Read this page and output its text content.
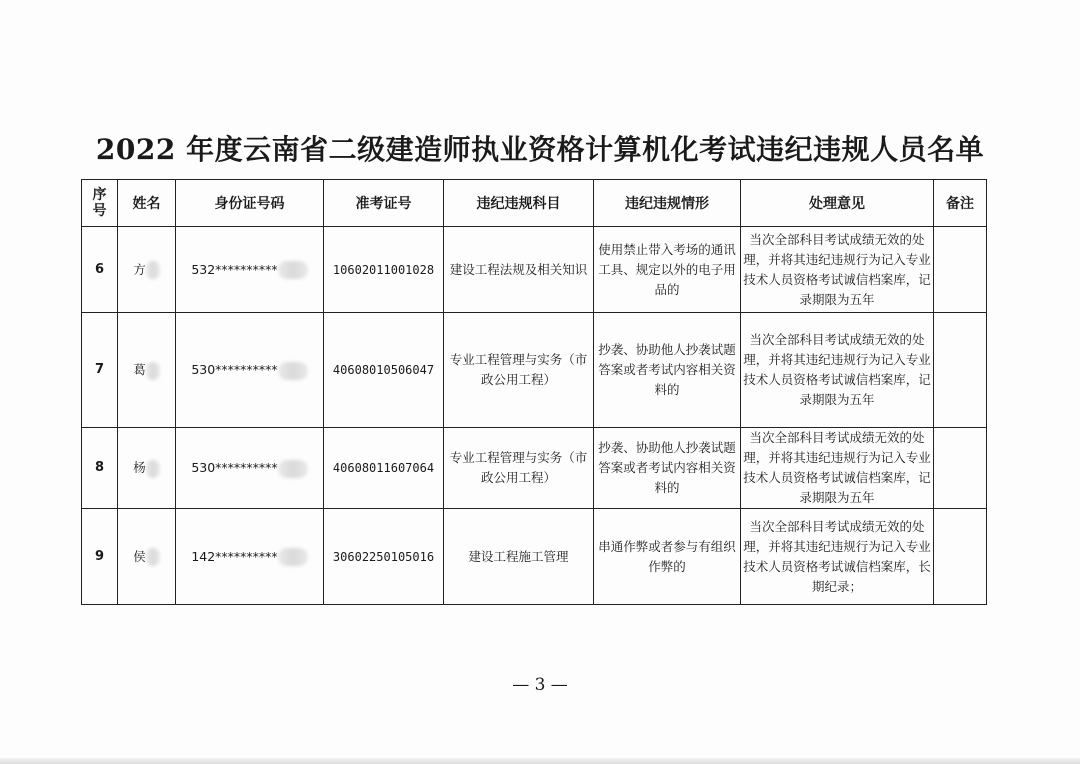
2022 年度云南省二级建造师执业资格计算机化考试违纪违规人员名单
序
号	姓名	身份证号码	准考证号	违纪违规科目	违纪违规情形	处理意见	备注
6	方	532**********	10602011001028	建设工程法规及相关知识	使用禁止带入考场的通讯工具、规定以外的电子用品的	当次全部科目考试成绩无效的处理，并将其违纪违规行为记入专业技术人员资格考试诚信档案库，记录期限为五年	
7	葛	530**********	40608010506047	专业工程管理与实务（市政公用工程）	抄袭、协助他人抄袭试题答案或者考试内容相关资料的	当次全部科目考试成绩无效的处理，并将其违纪违规行为记入专业技术人员资格考试诚信档案库，记录期限为五年	
8	杨	530**********	40608011607064	专业工程管理与实务（市政公用工程）	抄袭、协助他人抄袭试题答案或者考试内容相关资料的	当次全部科目考试成绩无效的处理，并将其违纪违规行为记入专业技术人员资格考试诚信档案库，记录期限为五年	
9	侯	142**********	30602250105016	建设工程施工管理	串通作弊或者参与有组织作弊的	当次全部科目考试成绩无效的处理，并将其违纪违规行为记入专业技术人员资格考试诚信档案库，长期纪录；	
— 3 —
